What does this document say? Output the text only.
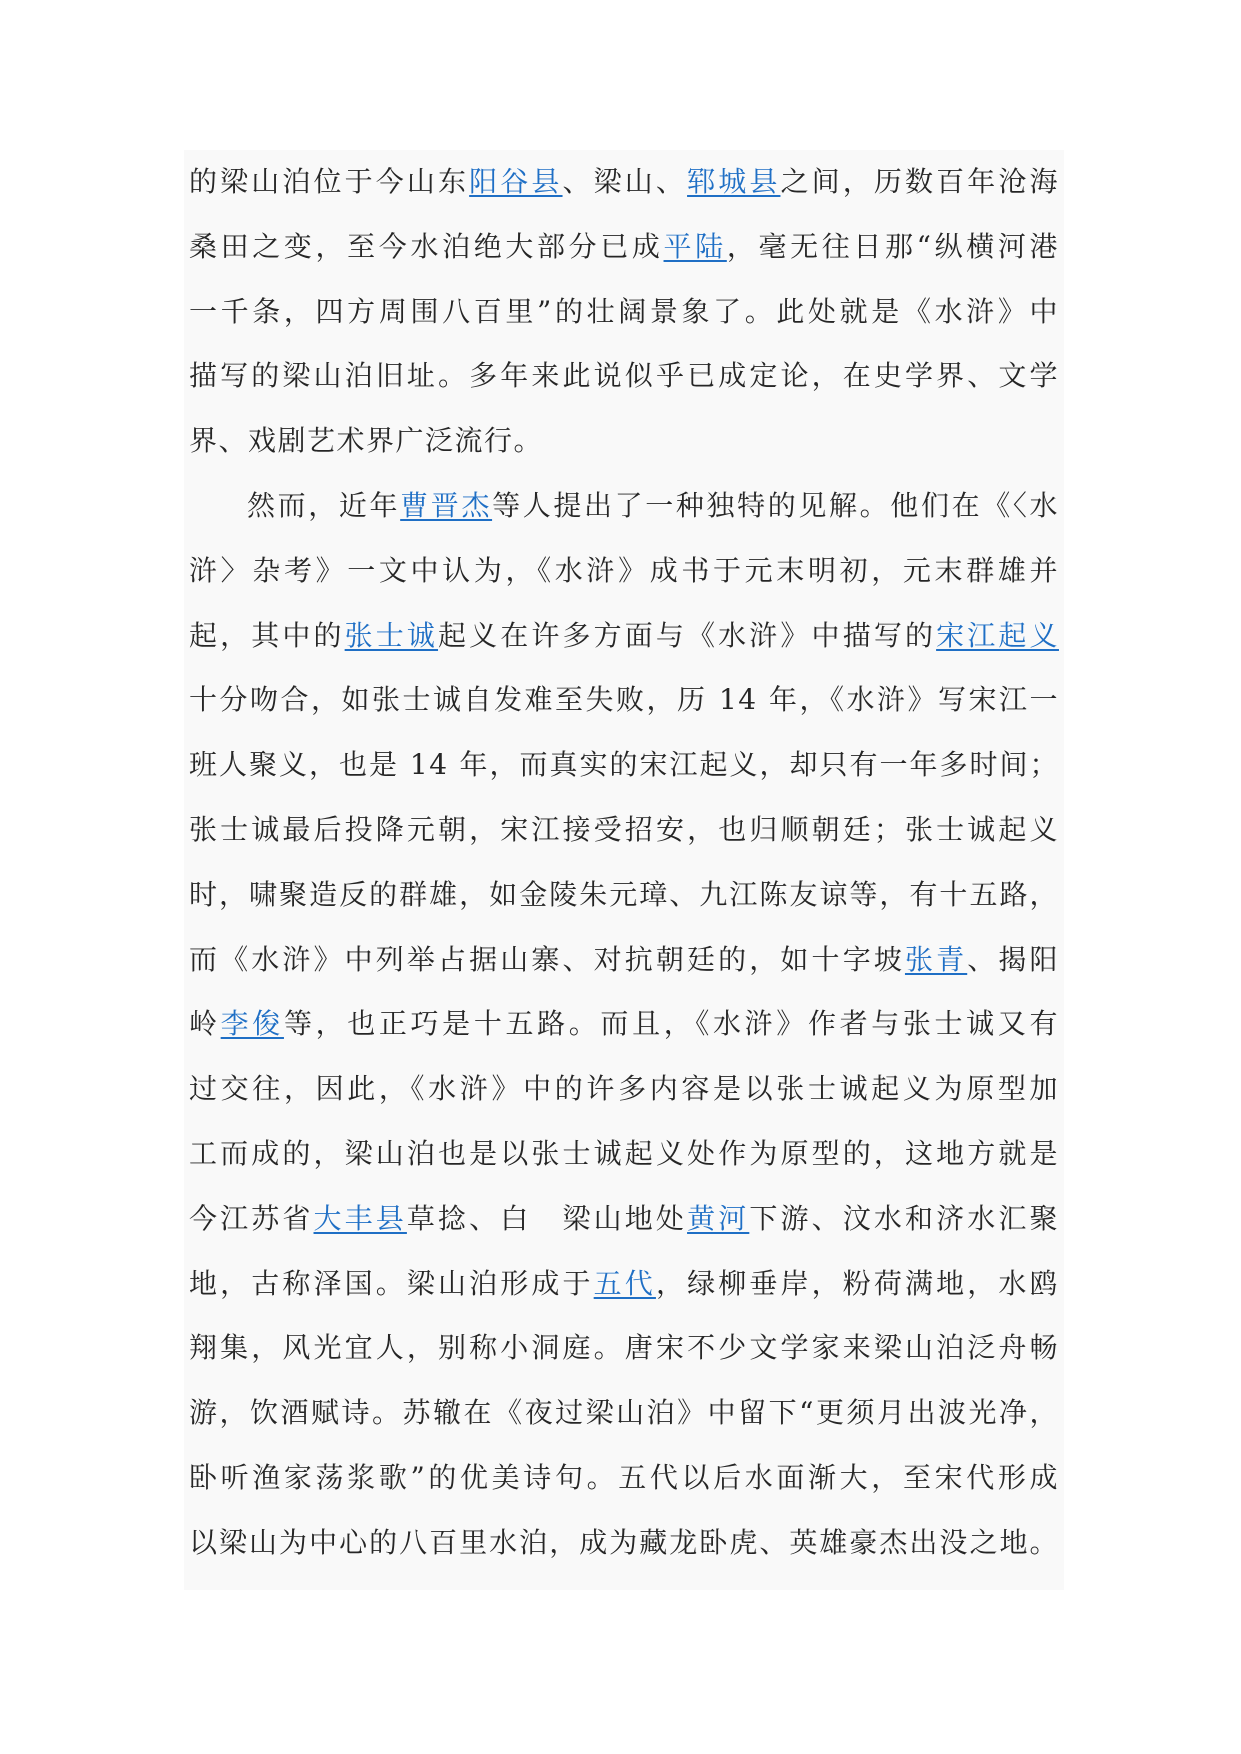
的梁山泊位于今山东阳谷县、梁山、郓城县之间，历数百年沧海
桑田之变，至今水泊绝大部分已成平陆，毫无往日那“纵横河港
一千条，四方周围八百里”的壮阔景象了。此处就是《水浒》中
描写的梁山泊旧址。多年来此说似乎已成定论，在史学界、文学
界、戏剧艺术界广泛流行。
然而，近年曹晋杰等人提出了一种独特的见解。他们在《〈水
浒〉杂考》一文中认为，《水浒》成书于元末明初，元末群雄并
起，其中的张士诚起义在许多方面与《水浒》中描写的宋江起义
十分吻合，如张士诚自发难至失败，历 14 年，《水浒》写宋江一
班人聚义，也是 14 年，而真实的宋江起义，却只有一年多时间；
张士诚最后投降元朝，宋江接受招安，也归顺朝廷；张士诚起义
时，啸聚造反的群雄，如金陵朱元璋、九江陈友谅等，有十五路，
而《水浒》中列举占据山寨、对抗朝廷的，如十字坡张青、揭阳
岭李俊等，也正巧是十五路。而且，《水浒》作者与张士诚又有
过交往，因此，《水浒》中的许多内容是以张士诚起义为原型加
工而成的，梁山泊也是以张士诚起义处作为原型的，这地方就是
今江苏省大丰县草捻、白　梁山地处黄河下游、汶水和济水汇聚
地，古称泽国。梁山泊形成于五代，绿柳垂岸，粉荷满地，水鸥
翔集，风光宜人，别称小洞庭。唐宋不少文学家来梁山泊泛舟畅
游，饮酒赋诗。苏辙在《夜过梁山泊》中留下“更须月出波光净，
卧听渔家荡浆歌”的优美诗句。五代以后水面渐大，至宋代形成
以梁山为中心的八百里水泊，成为藏龙卧虎、英雄豪杰出没之地。
